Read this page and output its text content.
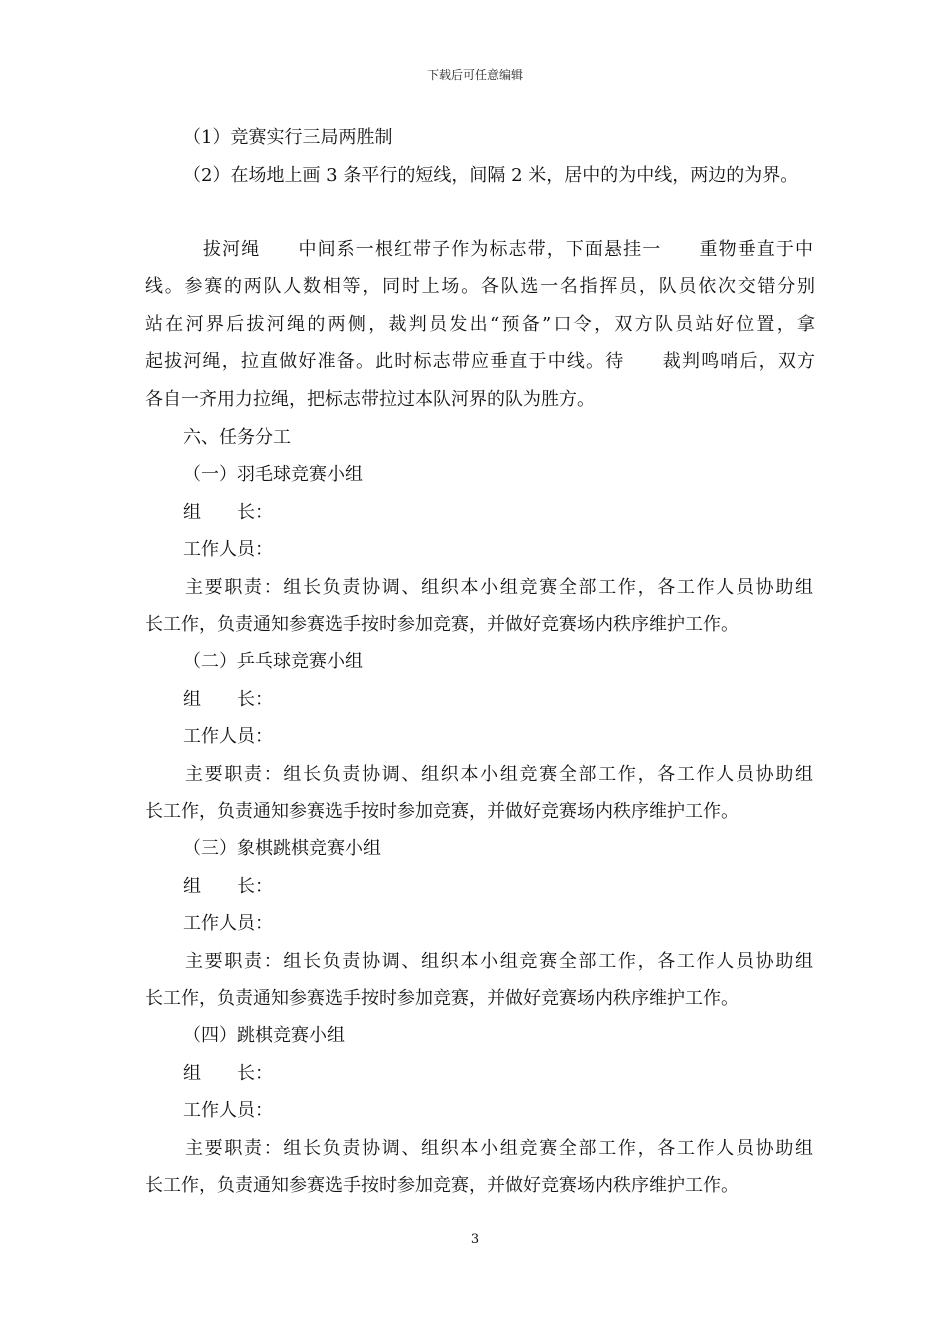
下载后可任意编辑
（1）竞赛实行三局两胜制
（2）在场地上画 3 条平行的短线，间隔 2 米，居中的为中线，两边的为界。
拔河绳　　中间系一根红带子作为标志带，下面悬挂一　　重物垂直于中
线。参赛的两队人数相等，同时上场。各队选一名指挥员，队员依次交错分别
站在河界后拔河绳的两侧，裁判员发出“预备”口令，双方队员站好位置，拿
起拔河绳，拉直做好准备。此时标志带应垂直于中线。待　　裁判鸣哨后，双方
各自一齐用力拉绳，把标志带拉过本队河界的队为胜方。
六、任务分工
（一）羽毛球竞赛小组
组　　长：
工作人员：
主要职责：组长负责协调、组织本小组竞赛全部工作，各工作人员协助组
长工作，负责通知参赛选手按时参加竞赛，并做好竞赛场内秩序维护工作。
（二）乒乓球竞赛小组
组　　长：
工作人员：
主要职责：组长负责协调、组织本小组竞赛全部工作，各工作人员协助组
长工作，负责通知参赛选手按时参加竞赛，并做好竞赛场内秩序维护工作。
（三）象棋跳棋竞赛小组
组　　长：
工作人员：
主要职责：组长负责协调、组织本小组竞赛全部工作，各工作人员协助组
长工作，负责通知参赛选手按时参加竞赛，并做好竞赛场内秩序维护工作。
（四）跳棋竞赛小组
组　　长：
工作人员：
主要职责：组长负责协调、组织本小组竞赛全部工作，各工作人员协助组
长工作，负责通知参赛选手按时参加竞赛，并做好竞赛场内秩序维护工作。
3
